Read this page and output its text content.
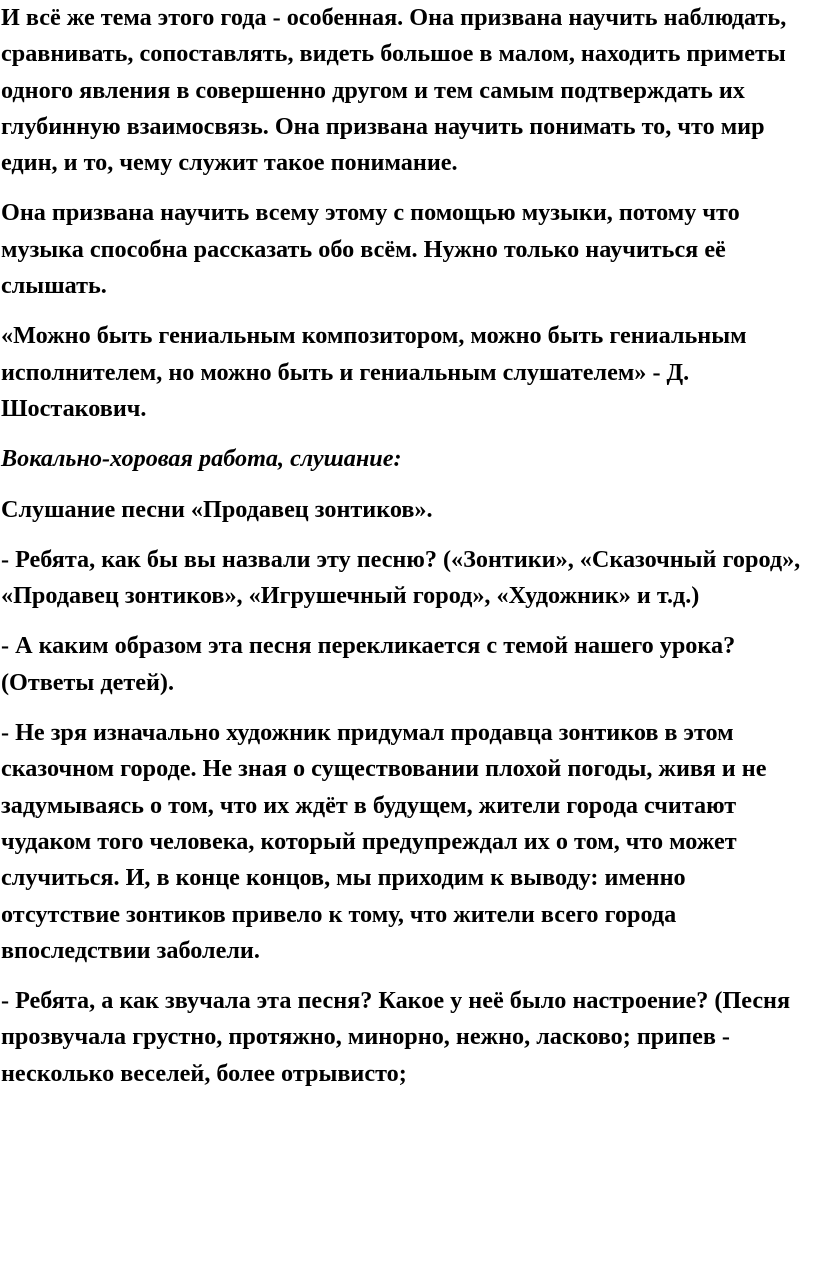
И всё же тема этого года - особенная. Она призвана научить наблюдать, сравнивать, сопоставлять, видеть большое в малом, находить приметы одного явления в совершенно другом и тем самым подтверждать их глубинную взаимосвязь. Она призвана научить понимать то, что мир един, и то, чему служит такое понимание.

Она призвана научить всему этому с помощью музыки, потому что музыка способна рассказать обо всём. Нужно только научиться её слышать.

«Можно быть гениальным композитором, можно быть гениальным исполнителем, но можно быть и гениальным слушателем» - Д. Шостакович.

Вокально-хоровая работа, слушание:

Слушание песни «Продавец зонтиков».

- Ребята, как бы вы назвали эту песню? («Зонтики», «Сказочный город», «Продавец зонтиков», «Игрушечный город», «Художник» и т.д.)

- А каким образом эта песня перекликается с темой нашего урока? (Ответы детей).

- Не зря изначально художник придумал продавца зонтиков в этом сказочном городе. Не зная о существовании плохой погоды, живя и не задумываясь о том, что их ждёт в будущем, жители города считают чудаком того человека, который предупреждал их о том, что может случиться. И, в конце концов, мы приходим к выводу: именно отсутствие зонтиков привело к тому, что жители всего города впоследствии заболели.

- Ребята, а как звучала эта песня? Какое у неё было настроение? (Песня прозвучала грустно, протяжно, минорно, нежно, ласково; припев - несколько веселей, более отрывисто;
